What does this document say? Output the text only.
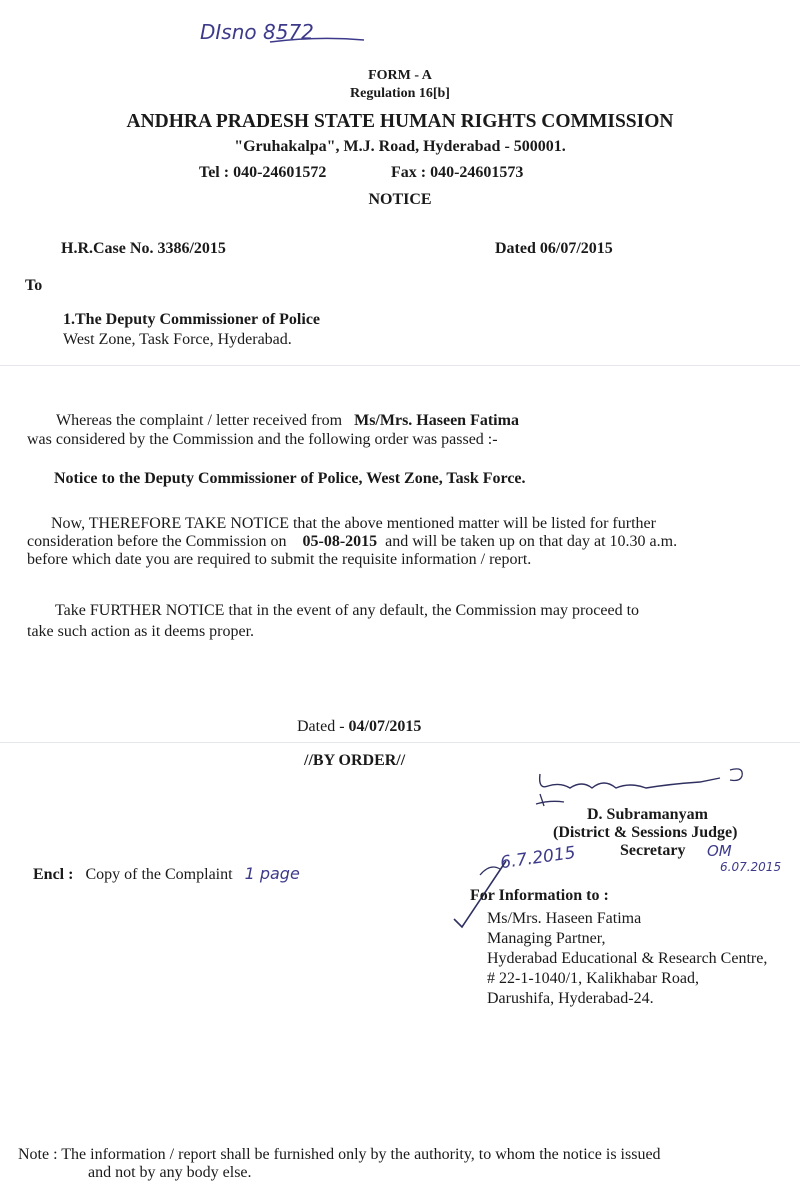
DIsno 8572
FORM - A
Regulation 16[b]
ANDHRA PRADESH STATE HUMAN RIGHTS COMMISSION
"Gruhakalpa", M.J. Road, Hyderabad - 500001.
Tel : 040-24601572	Fax : 040-24601573
NOTICE
H.R.Case No. 3386/2015	Dated 06/07/2015
To
1.The Deputy Commissioner of Police
West Zone, Task Force, Hyderabad.
Whereas the complaint / letter received from Ms/Mrs. Haseen Fatima
was considered by the Commission and the following order was passed :-
Notice to the Deputy Commissioner of Police, West Zone, Task Force.
Now, THEREFORE TAKE NOTICE that the above mentioned matter will be listed for further
consideration before the Commission on 05-08-2015 and will be taken up on that day at 10.30 a.m.
before which date you are required to submit the requisite information / report.
Take FURTHER NOTICE that in the event of any default, the Commission may proceed to
take such action as it deems proper.
Dated - 04/07/2015
//BY ORDER//
D. Subramanyam
(District & Sessions Judge)
Secretary
6.7.2015	OM
6.07.2015
Encl : Copy of the Complaint 1 page
For Information to :
Ms/Mrs. Haseen Fatima
Managing Partner,
Hyderabad Educational & Research Centre,
# 22-1-1040/1, Kalikhabar Road,
Darushifa, Hyderabad-24.
Note : The information / report shall be furnished only by the authority, to whom the notice is issued
and not by any body else.
